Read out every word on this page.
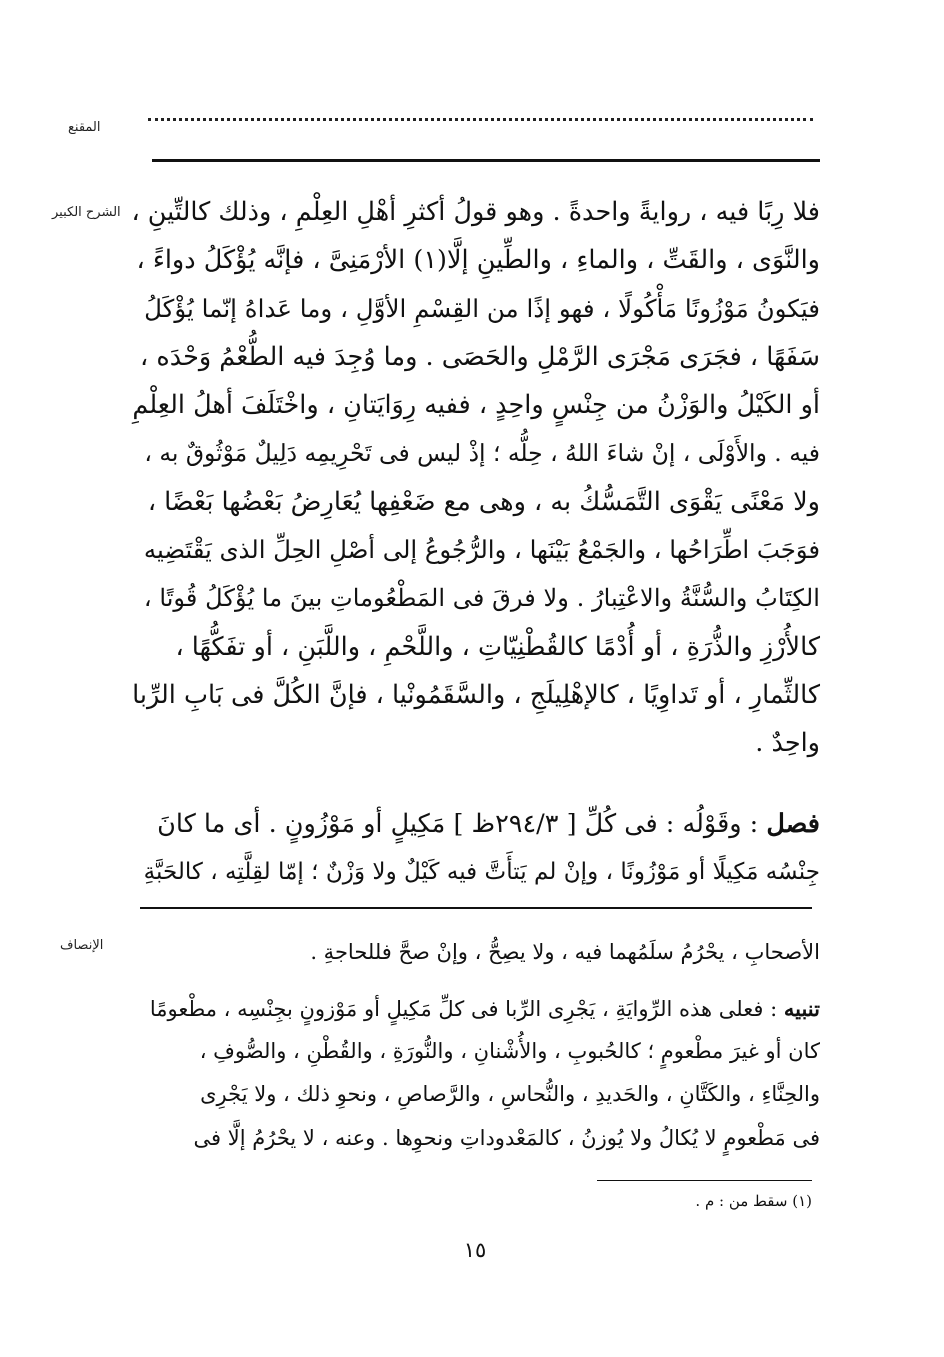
المقنع
الشرح الكبير
الإنصاف
فلا رِبًا فيه ، روايةً واحدةً . وهو قولُ أكثرِ أهْلِ العِلْمِ ، وذلك كالتِّينِ ،
والنَّوَى ، والقَتِّ ، والماءِ ، والطِّينِ إلَّا(١) الأرْمَنِىَّ ، فإنَّه يُؤْكَلُ دواءً ،
فيَكونُ مَوْزُونًا مَأْكُولًا ، فهو إذًا من القِسْمِ الأوَّلِ ، وما عَداهُ إنّما يُؤْكَلُ
سَفَهًا ، فجَرَى مَجْرَى الرَّمْلِ والحَصَى . وما وُجِدَ فيه الطُّعْمُ وَحْدَه ،
أو الكَيْلُ والوَزْنُ من جِنْسٍ واحِدٍ ، ففيه رِوَايَتانِ ، واخْتَلَفَ أهلُ العِلْمِ
فيه . والأَوْلَى ، إنْ شاءَ اللهُ ، حِلُّه ؛ إذْ ليس فى تَحْرِيمِه دَلِيلٌ مَوْثُوقٌ به ،
ولا مَعْنًى يَقْوَى التَّمَسُّكُ به ، وهى مع ضَعْفِها يُعَارِضُ بَعْضُها بَعْضًا ،
فوَجَبَ اطِّرَاحُها ، والجَمْعُ بَيْنَها ، والرُّجُوعُ إلى أصْلِ الحِلِّ الذى يَقْتَضِيه
الكِتَابُ والسُّنَّةُ والاعْتِبارُ . ولا فرقَ فى المَطْعُوماتِ بينَ ما يُؤْكَلُ قُوتًا ،
كالأُرْزِ والذُّرَةِ ، أو أُدْمًا كالقُطْنِيّاتِ ، واللَّحْمِ ، واللَّبَنِ ، أو تفَكُّهًا ،
كالثِّمارِ ، أو تَداوِيًا ، كالإهْلِيلَجِ ، والسَّقَمُونْيا ، فإنَّ الكُلَّ فى بَابِ الرِّبا
واحِدٌ .
فصل : وقَوْلُه : فى كُلِّ [ ٢٩٤/٣ظ ] مَكِيلٍ أو مَوْزُونٍ . أى ما كانَ
جِنْسُه مَكِيلًا أو مَوْزُونًا ، وإنْ لم يَتأَتَّ فيه كَيْلٌ ولا وَزْنٌ ؛ إمّا لقِلَّتِه ، كالحَبَّةِ
الأصحابِ ، يحْرُمُ سلَمُهما فيه ، ولا يصِحُّ ، وإنْ صحَّ فللحاجةِ .
تنبيه : فعلى هذه الرِّوايَةِ ، يَجْرِى الرِّبا فى كلِّ مَكِيلٍ أو مَوْزونٍ بجِنْسِه ، مطْعومًا
كان أو غيرَ مطْعومٍ ؛ كالحُبوبِ ، والأُشْنانِ ، والنُّورَةِ ، والقُطْنِ ، والصُّوفِ ،
والحِنَّاءِ ، والكَتَّانِ ، والحَديدِ ، والنُّحاسِ ، والرَّصاصِ ، ونحوِ ذلك ، ولا يَجْرِى
فى مَطْعومٍ لا يُكالُ ولا يُوزنُ ، كالمَعْدوداتِ ونحوِها . وعنه ، لا يحْرُمُ إلَّا فى
(١) سقط من : م .
١٥
